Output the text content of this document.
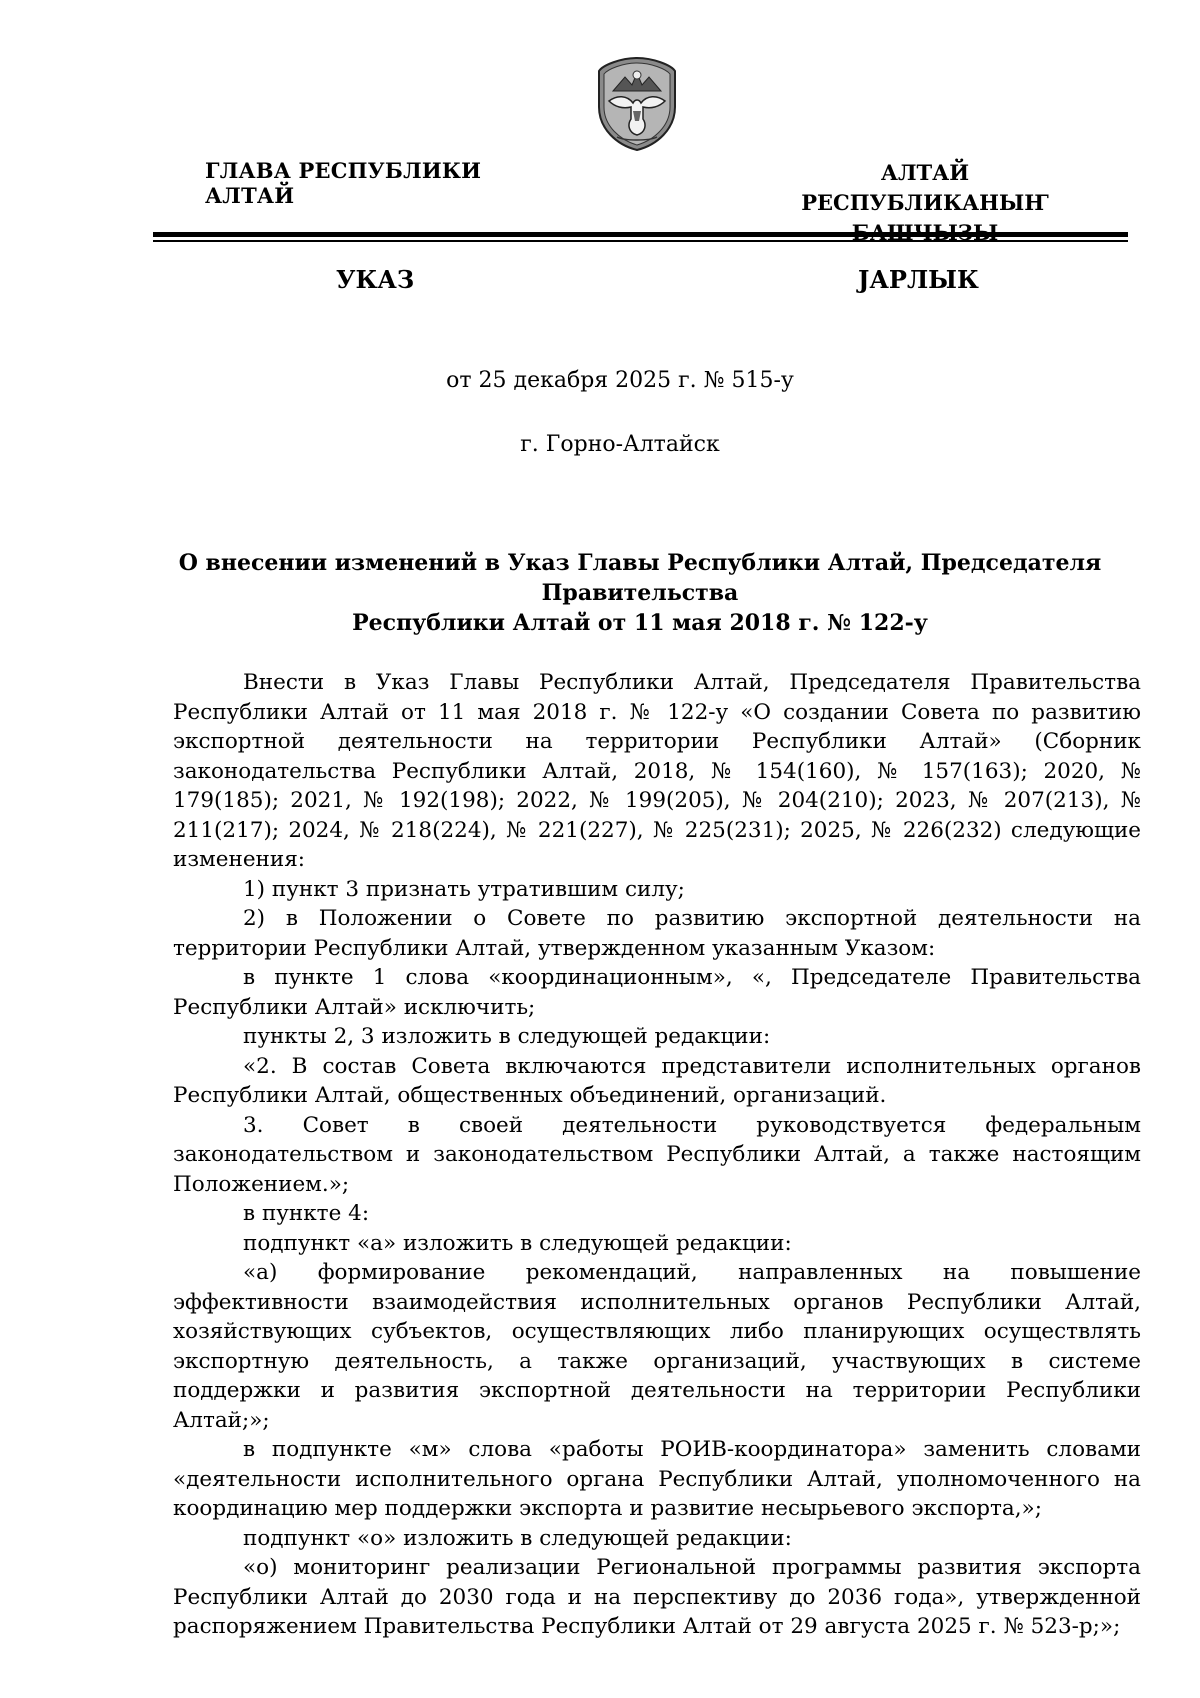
ГЛАВА РЕСПУБЛИКИ АЛТАЙ
АЛТАЙ РЕСПУБЛИКАНЫҤ
УКАЗ	ЈАРЛЫК
от 25 декабря 2025 г. № 515-у
г. Горно-Алтайск
О внесении изменений в Указ Главы Республики Алтай, Председателя Правительства
Республики Алтай от 11 мая 2018 г. № 122-у

Внести в Указ Главы Республики Алтай, Председателя Правительства Республики Алтай от 11 мая 2018 г. № 122-у «О создании Совета по развитию экспортной деятельности на территории Республики Алтай» (Сборник законодательства Республики Алтай, 2018, № 154(160), № 157(163); 2020, № 179(185); 2021, № 192(198); 2022, № 199(205), № 204(210); 2023, № 207(213), № 211(217); 2024, № 218(224), № 221(227), № 225(231); 2025, № 226(232) следующие изменения:

1) пункт 3 признать утратившим силу;

2) в Положении о Совете по развитию экспортной деятельности на территории Республики Алтай, утвержденном указанным Указом:

в пункте 1 слова «координационным», «, Председателе Правительства Республики Алтай» исключить;

пункты 2, 3 изложить в следующей редакции:

«2. В состав Совета включаются представители исполнительных органов Республики Алтай, общественных объединений, организаций.

3. Совет в своей деятельности руководствуется федеральным законодательством и законодательством Республики Алтай, а также настоящим Положением.»;

в пункте 4:

подпункт «а» изложить в следующей редакции:

«а) формирование рекомендаций, направленных на повышение эффективности взаимодействия исполнительных органов Республики Алтай, хозяйствующих субъектов, осуществляющих либо планирующих осуществлять экспортную деятельность, а также организаций, участвующих в системе поддержки и развития экспортной деятельности на территории Республики Алтай;»;

в подпункте «м» слова «работы РОИВ-координатора» заменить словами «деятельности исполнительного органа Республики Алтай, уполномоченного на координацию мер поддержки экспорта и развитие несырьевого экспорта,»;

подпункт «о» изложить в следующей редакции:

«о) мониторинг реализации Региональной программы развития экспорта Республики Алтай до 2030 года и на перспективу до 2036 года», утвержденной распоряжением Правительства Республики Алтай от 29 августа 2025 г. № 523-р;»;
